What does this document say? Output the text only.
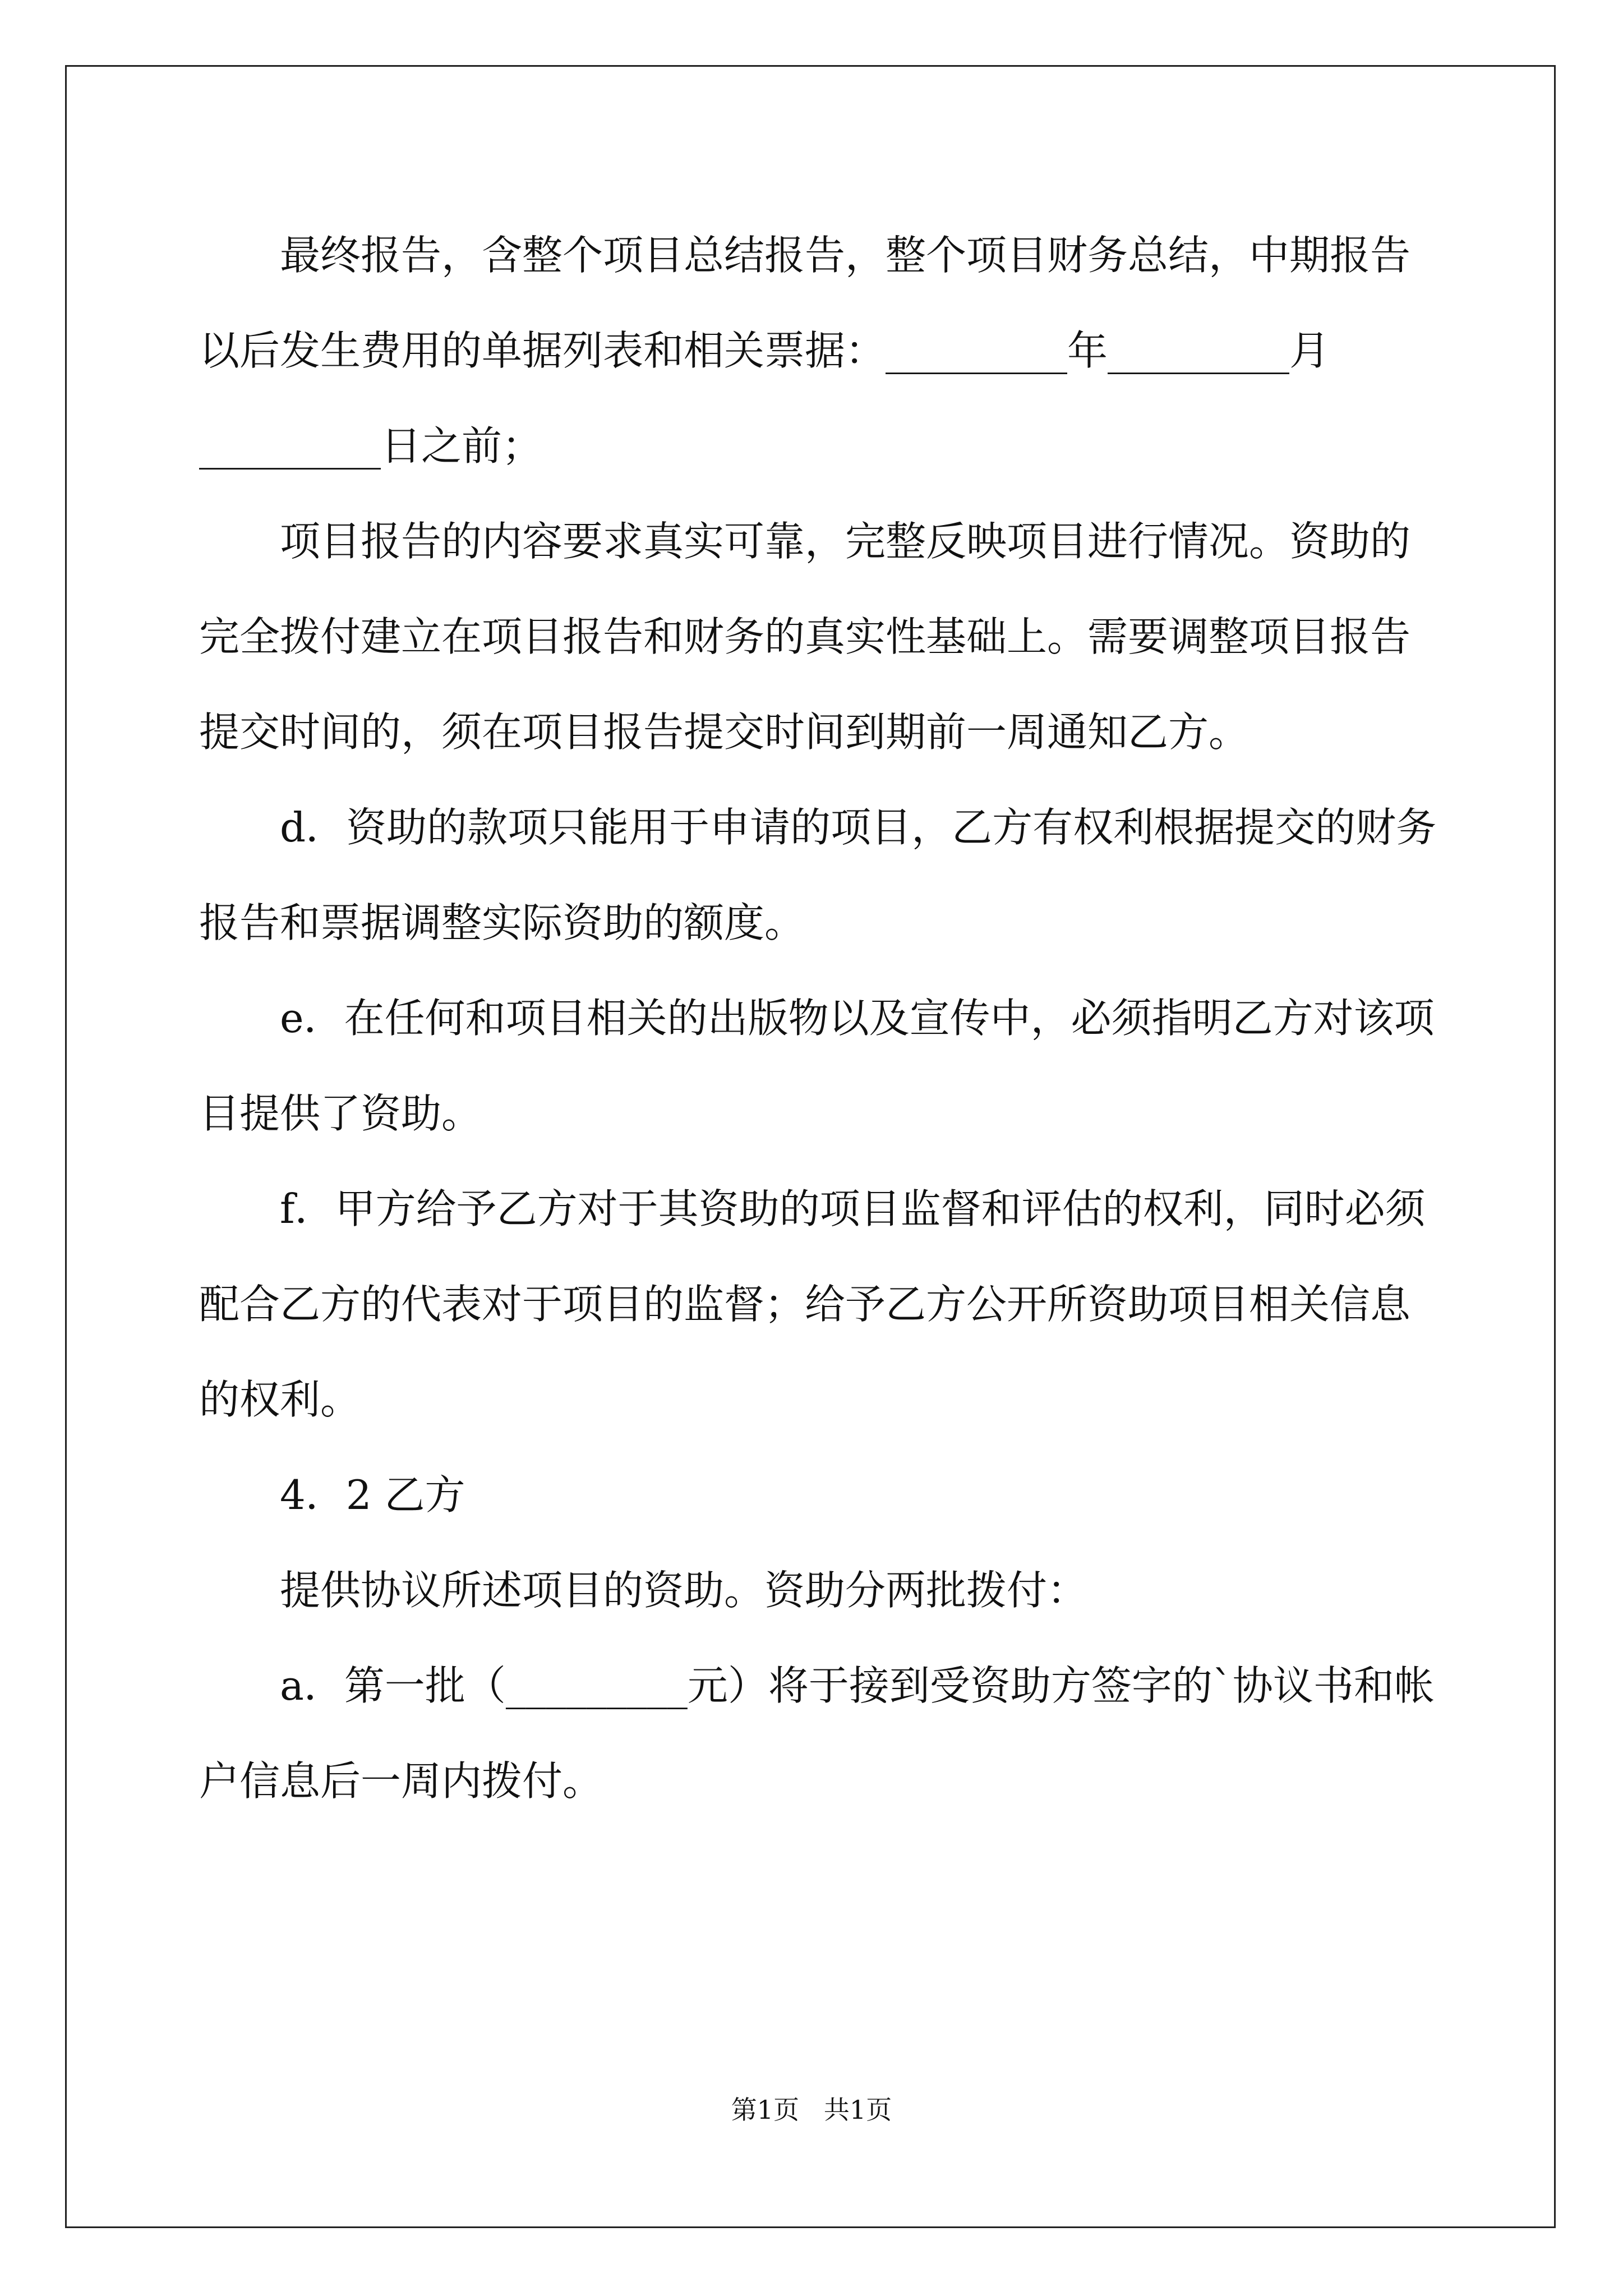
最终报告，含整个项目总结报告，整个项目财务总结，中期报告
以后发生费用的单据列表和相关票据：_________年_________月
_________日之前；
项目报告的内容要求真实可靠，完整反映项目进行情况。资助的
完全拨付建立在项目报告和财务的真实性基础上。需要调整项目报告
提交时间的，须在项目报告提交时间到期前一周通知乙方。
d．资助的款项只能用于申请的项目，乙方有权利根据提交的财务
报告和票据调整实际资助的额度。
e．在任何和项目相关的出版物以及宣传中，必须指明乙方对该项
目提供了资助。
f．甲方给予乙方对于其资助的项目监督和评估的权利，同时必须
配合乙方的代表对于项目的监督；给予乙方公开所资助项目相关信息
的权利。
4．2 乙方
提供协议所述项目的资助。资助分两批拨付：
a．第一批（_________元）将于接到受资助方签字的`协议书和帐
户信息后一周内拨付。
第1页   共1页
